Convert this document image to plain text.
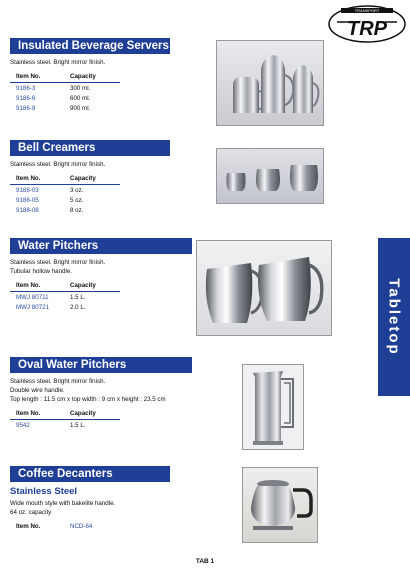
TRANSPORT
TRP
Tabletop
Insulated Beverage Servers
Stainless steel. Bright mirror finish.
Item No.	Capacity
9186-3	300 ml.
9186-6	600 ml.
9186-9	900 ml.
Bell Creamers
Stainless steel. Bright mirror finish.
Item No.	Capacity
9188-03	3 oz.
9188-05	5 oz.
9188-08	8 oz.
Water Pitchers
Stainless steel. Bright mirror finish.
Tubular hollow handle.
Item No.	Capacity
MWJ 80711	1.5 L.
MWJ 80721	2.0 L.
Oval Water Pitchers
Stainless steel. Bright mirror finish.
Double wire handle.
Top length : 11.5 cm x top width : 9 cm x height : 23.5 cm
Item No.	Capacity
9542	1.5 L.
Coffee Decanters
Stainless Steel
Wide mouth style with bakelite handle.
64 oz. capacity
Item No.	NCD-64
TAB 1
